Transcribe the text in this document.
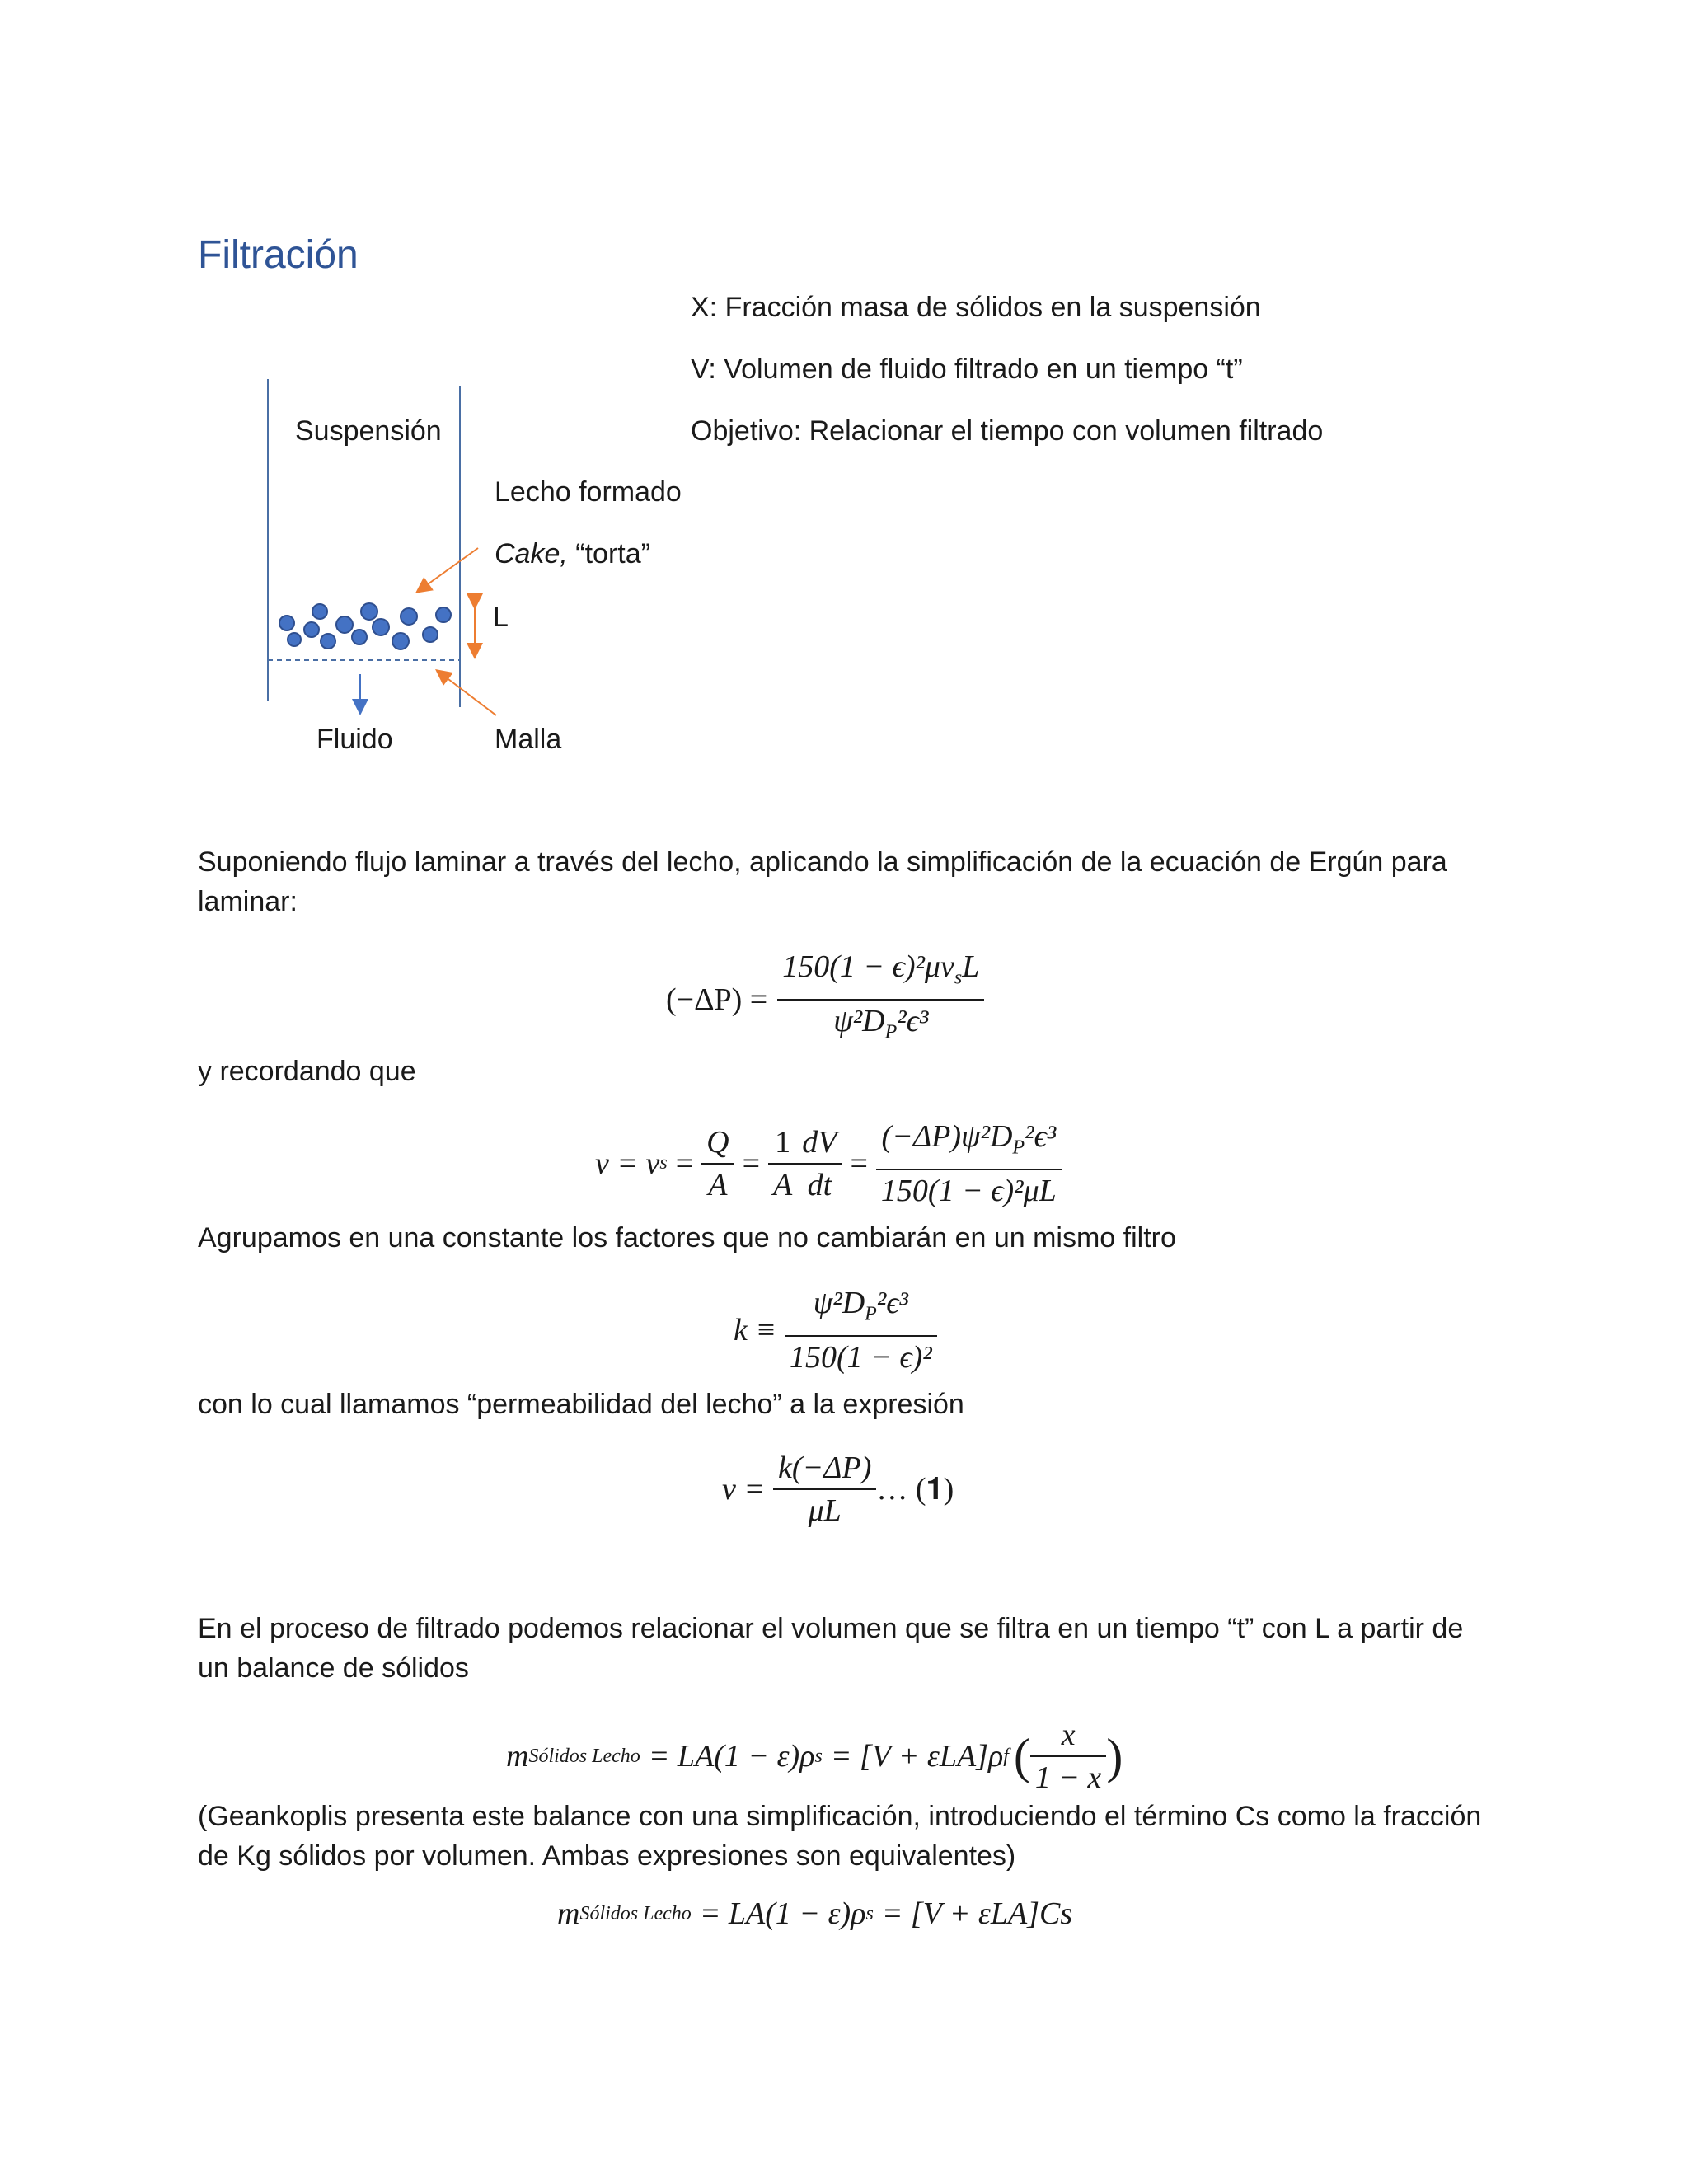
Filtración
X: Fracción masa de sólidos en la suspensión
V: Volumen de fluido filtrado en un tiempo “t”
Objetivo: Relacionar el tiempo con volumen filtrado
Suspensión
Lecho formado
Cake, “torta”
L
Fluido	Malla
Suponiendo flujo laminar a través del lecho, aplicando la simplificación de la ecuación de Ergún para laminar:
$(-\Delta P) = \frac{150(1 - \epsilon)^2\mu v_sL}{\psi^2D_P^2\epsilon^3}$
y recordando que
v = v $s = \frac{Q}{A} = \frac{1}{A} \frac{dV}{dt} = \frac{(-\Delta P)\psi^2D_P^2\epsilon^3}{\text{150(1 − ϵ)²μL}}$
Agrupamos en una constante los factores que no cambiarán en un mismo filtro
$k \equiv \frac{\psi^2D_P^2\epsilon^3}{\text{150(1 − ϵ)²}}$
con lo cual llamamos “permeabilidad del lecho” a la expresión
$v = \frac{k(-\Delta P)}{\mu L}$ … (𝟏)
En el proceso de filtrado podemos relacionar el volumen que se filtra en un tiempo “t” con L a partir de un balance de sólidos
m Sólidos Lecho = LA(1 − ε)ρ s = [V + εLA]ρ f ( $\frac{x}{1 - x}$ )
(Geankoplis presenta este balance con una simplificación, introduciendo el término Cs como la fracción de Kg sólidos por volumen. Ambas expresiones son equivalentes)
m Sólidos Lecho = LA(1 − ε)ρ s = [V + εLA]Cs
